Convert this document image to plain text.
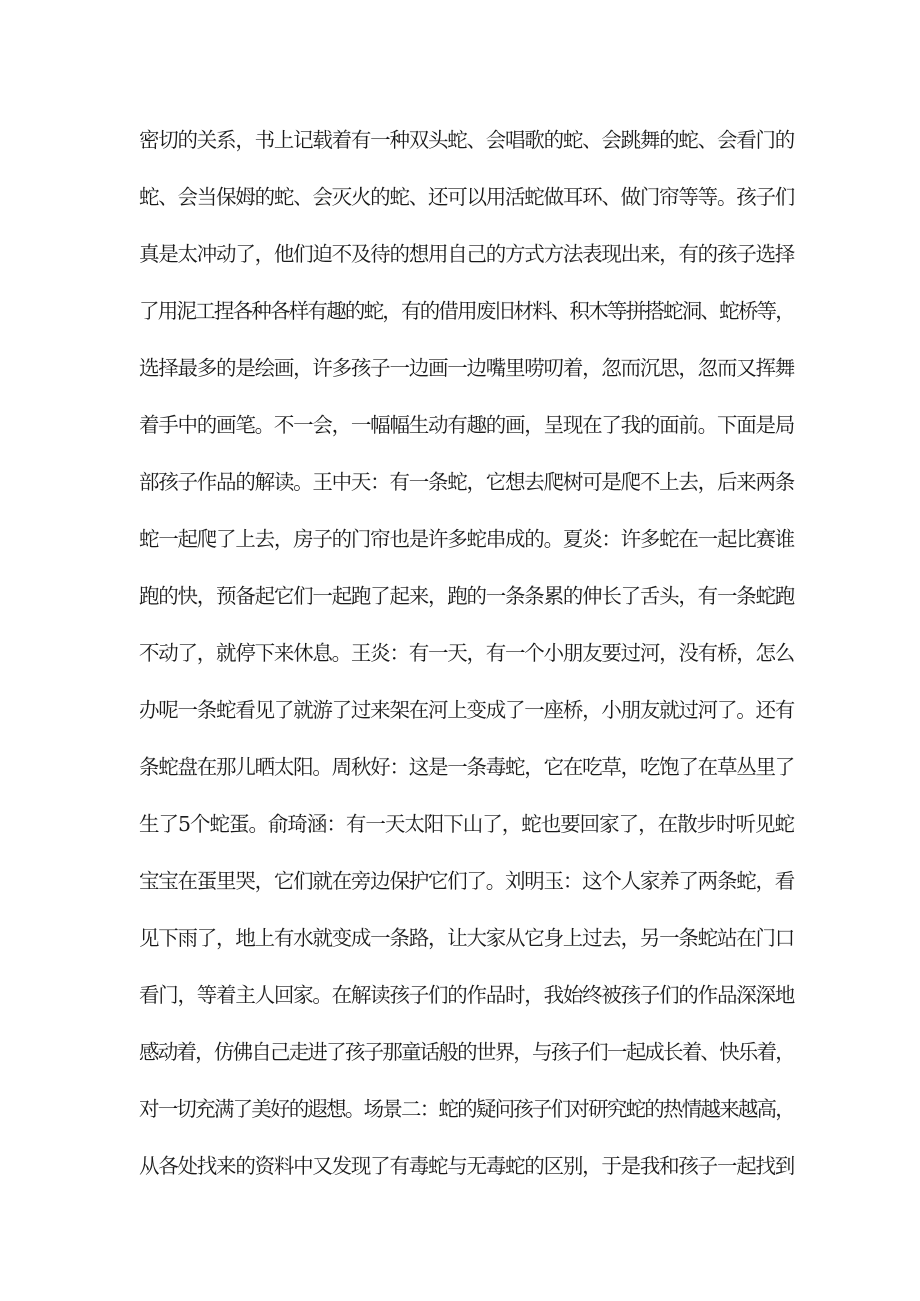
密切的关系，书上记载着有一种双头蛇、会唱歌的蛇、会跳舞的蛇、会看门的
蛇、会当保姆的蛇、会灭火的蛇、还可以用活蛇做耳环、做门帘等等。孩子们
真是太冲动了，他们迫不及待的想用自己的方式方法表现出来，有的孩子选择
了用泥工捏各种各样有趣的蛇，有的借用废旧材料、积木等拼搭蛇洞、蛇桥等，
选择最多的是绘画，许多孩子一边画一边嘴里唠叨着，忽而沉思，忽而又挥舞
着手中的画笔。不一会，一幅幅生动有趣的画，呈现在了我的面前。下面是局
部孩子作品的解读。王中天：有一条蛇，它想去爬树可是爬不上去，后来两条
蛇一起爬了上去，房子的门帘也是许多蛇串成的。夏炎：许多蛇在一起比赛谁
跑的快，预备起它们一起跑了起来，跑的一条条累的伸长了舌头，有一条蛇跑
不动了，就停下来休息。王炎：有一天，有一个小朋友要过河，没有桥，怎么
办呢一条蛇看见了就游了过来架在河上变成了一座桥，小朋友就过河了。还有
条蛇盘在那儿晒太阳。周秋好：这是一条毒蛇，它在吃草，吃饱了在草丛里了
生了5个蛇蛋。俞琦涵：有一天太阳下山了，蛇也要回家了，在散步时听见蛇
宝宝在蛋里哭，它们就在旁边保护它们了。刘明玉：这个人家养了两条蛇，看
见下雨了，地上有水就变成一条路，让大家从它身上过去，另一条蛇站在门口
看门，等着主人回家。在解读孩子们的作品时，我始终被孩子们的作品深深地
感动着，仿佛自己走进了孩子那童话般的世界，与孩子们一起成长着、快乐着，
对一切充满了美好的遐想。场景二：蛇的疑问孩子们对研究蛇的热情越来越高，
从各处找来的资料中又发现了有毒蛇与无毒蛇的区别，于是我和孩子一起找到
